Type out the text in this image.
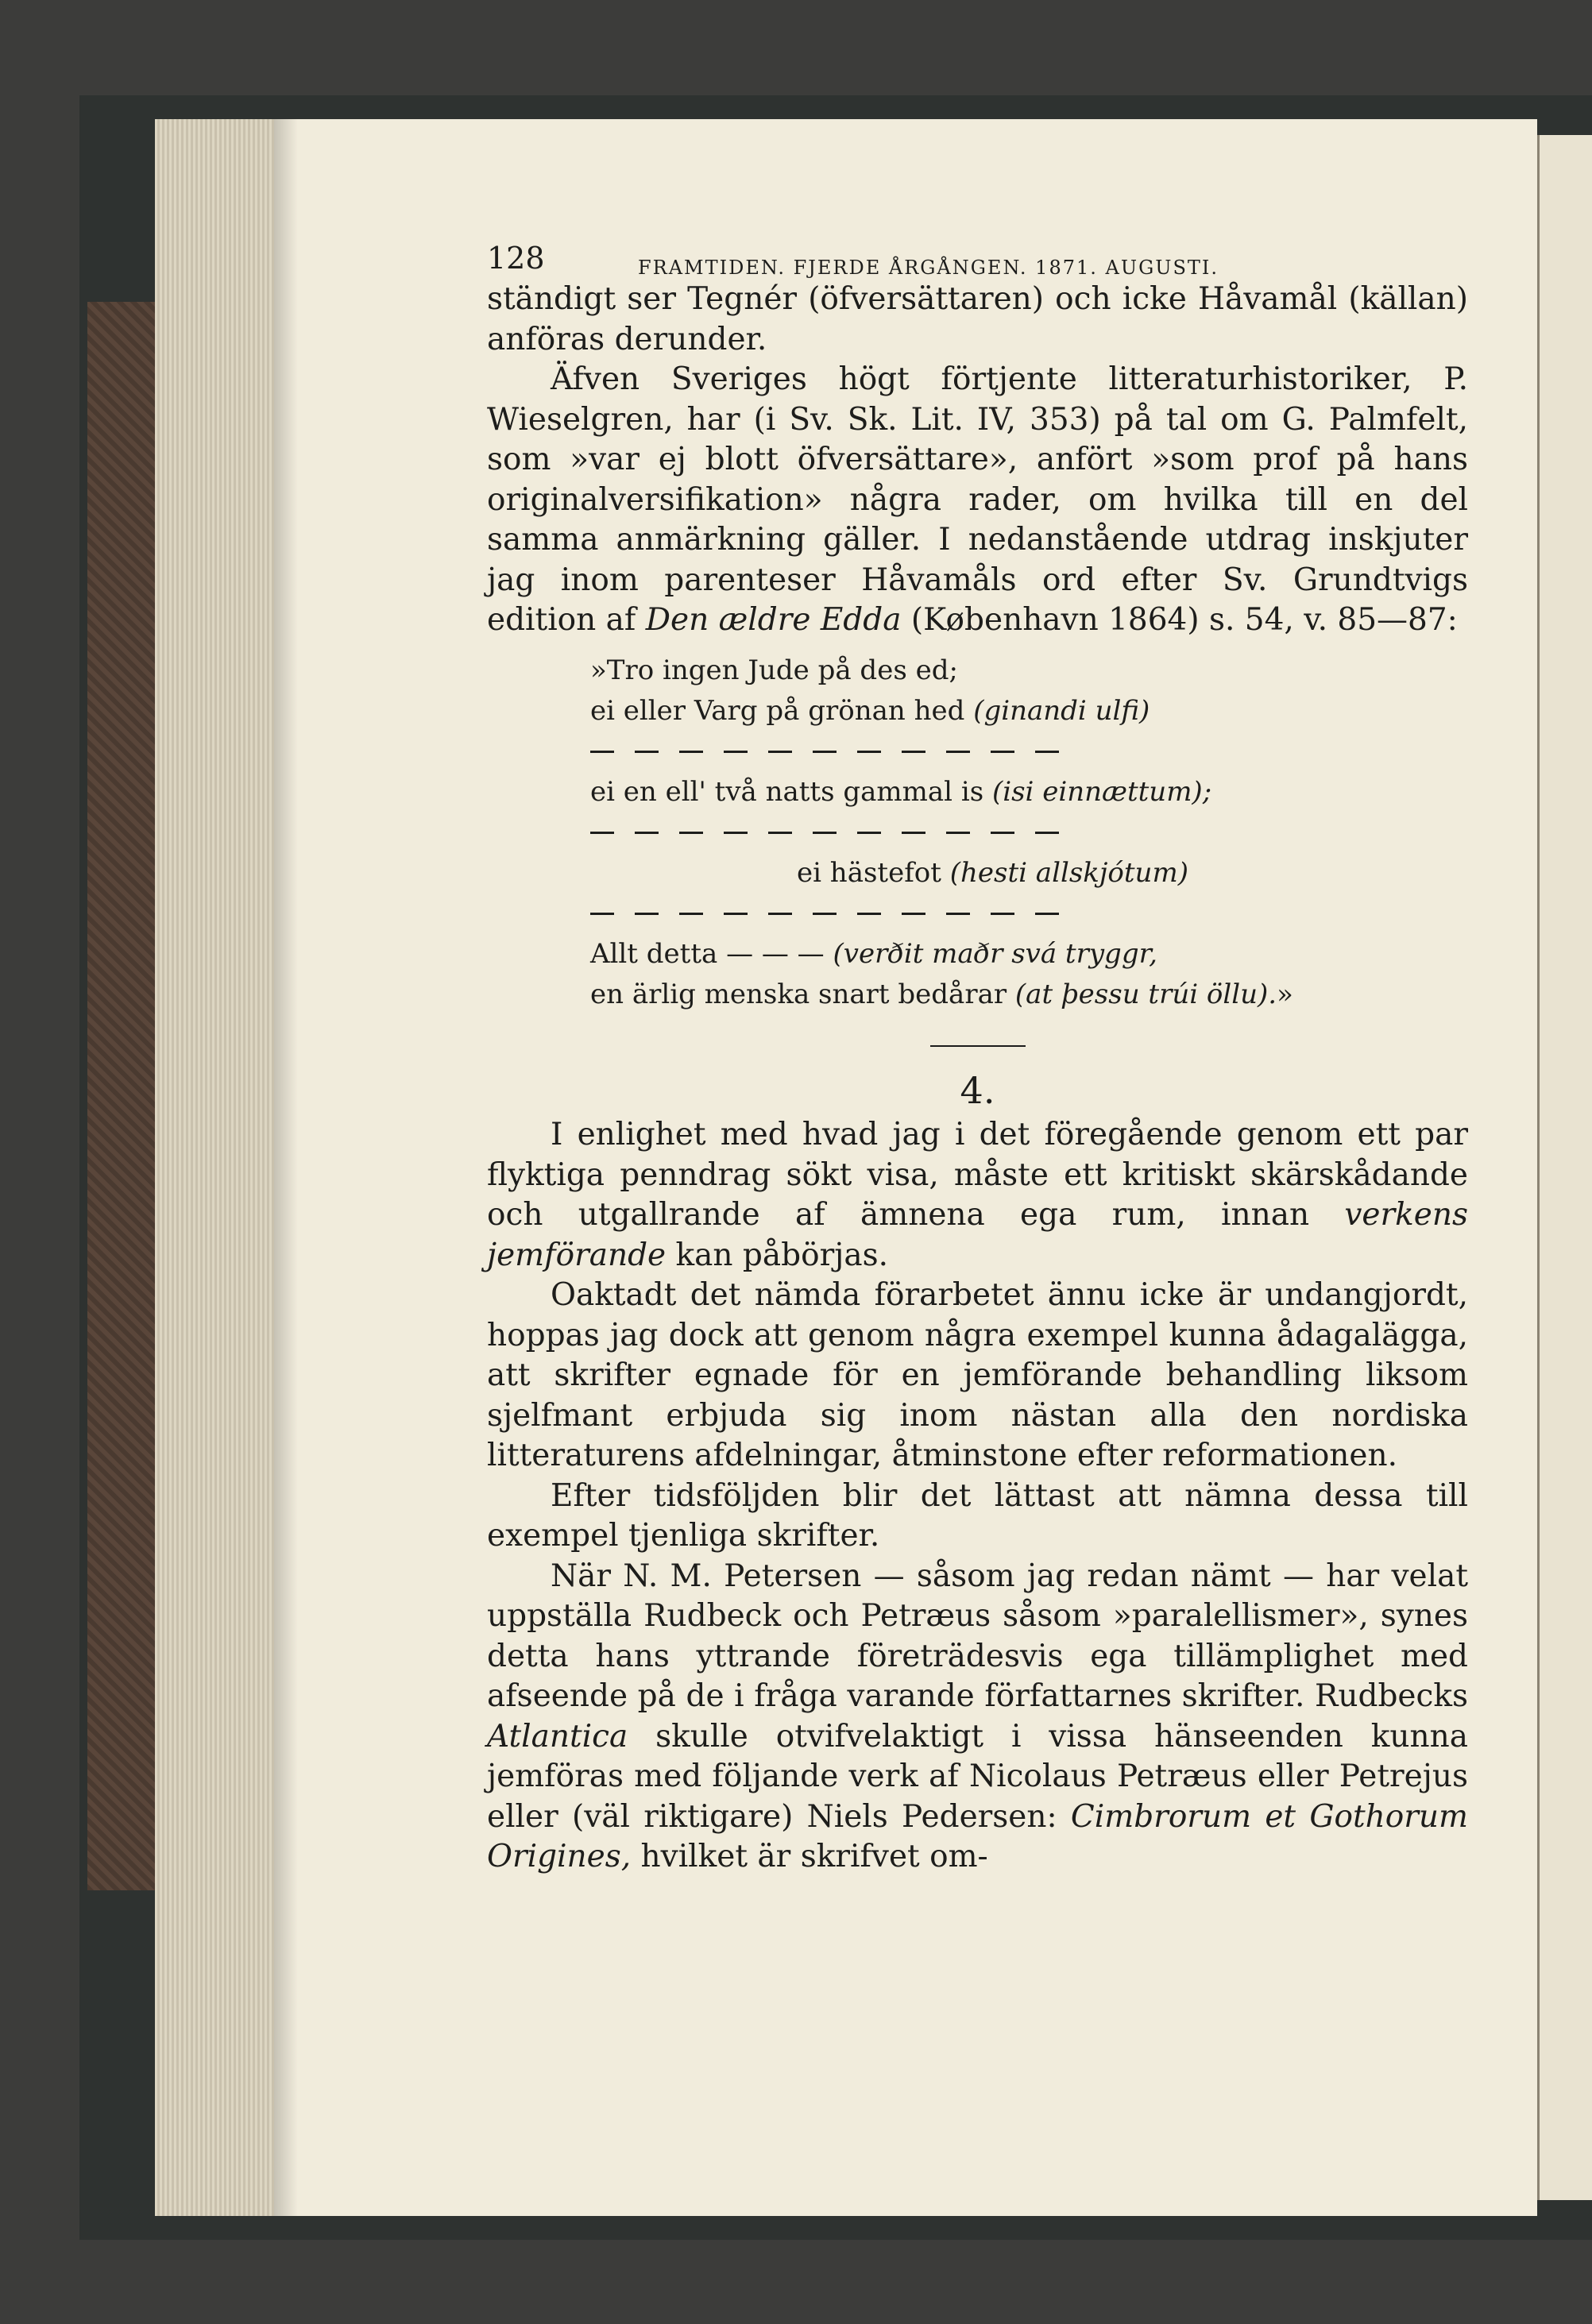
128	FRAMTIDEN. FJERDE ÅRGÅNGEN. 1871. AUGUSTI.

ständigt ser Tegnér (öfversättaren) och icke Håvamål (källan) anföras derunder.

Äfven Sveriges högt förtjente litteraturhistoriker, P. Wieselgren, har (i Sv. Sk. Lit. IV, 353) på tal om G. Palmfelt, som »var ej blott öfversättare», anfört »som prof på hans originalversifikation» några rader, om hvilka till en del samma anmärkning gäller. I nedanstående utdrag inskjuter jag inom parenteser Håvamåls ord efter Sv. Grundtvigs edition af Den ældre Edda (København 1864) s. 54, v. 85—87:

»Tro ingen Jude på des ed;
ei eller Varg på grönan hed (ginandi ulfi)
ei en ell' två natts gammal is (isi einnættum);
ei hästefot (hesti allskjótum)
Allt detta — — — (verðit maðr svá tryggr,
en ärlig menska snart bedårar (at þessu trúi öllu).»
4.

I enlighet med hvad jag i det föregående genom ett par flyktiga penndrag sökt visa, måste ett kritiskt skärskådande och utgallrande af ämnena ega rum, innan verkens jemförande kan påbörjas.

Oaktadt det nämda förarbetet ännu icke är undangjordt, hoppas jag dock att genom några exempel kunna ådagalägga, att skrifter egnade för en jemförande behandling liksom sjelfmant erbjuda sig inom nästan alla den nordiska litteraturens afdelningar, åtminstone efter reformationen.

Efter tidsföljden blir det lättast att nämna dessa till exempel tjenliga skrifter.

När N. M. Petersen — såsom jag redan nämt — har velat uppställa Rudbeck och Petræus såsom »paralellismer», synes detta hans yttrande företrädesvis ega tillämplighet med afseende på de i fråga varande författarnes skrifter. Rudbecks Atlantica skulle otvifvelaktigt i vissa hänseenden kunna jemföras med följande verk af Nicolaus Petræus eller Petrejus eller (väl riktigare) Niels Pedersen: Cimbrorum et Gothorum Origines, hvilket är skrifvet om-
